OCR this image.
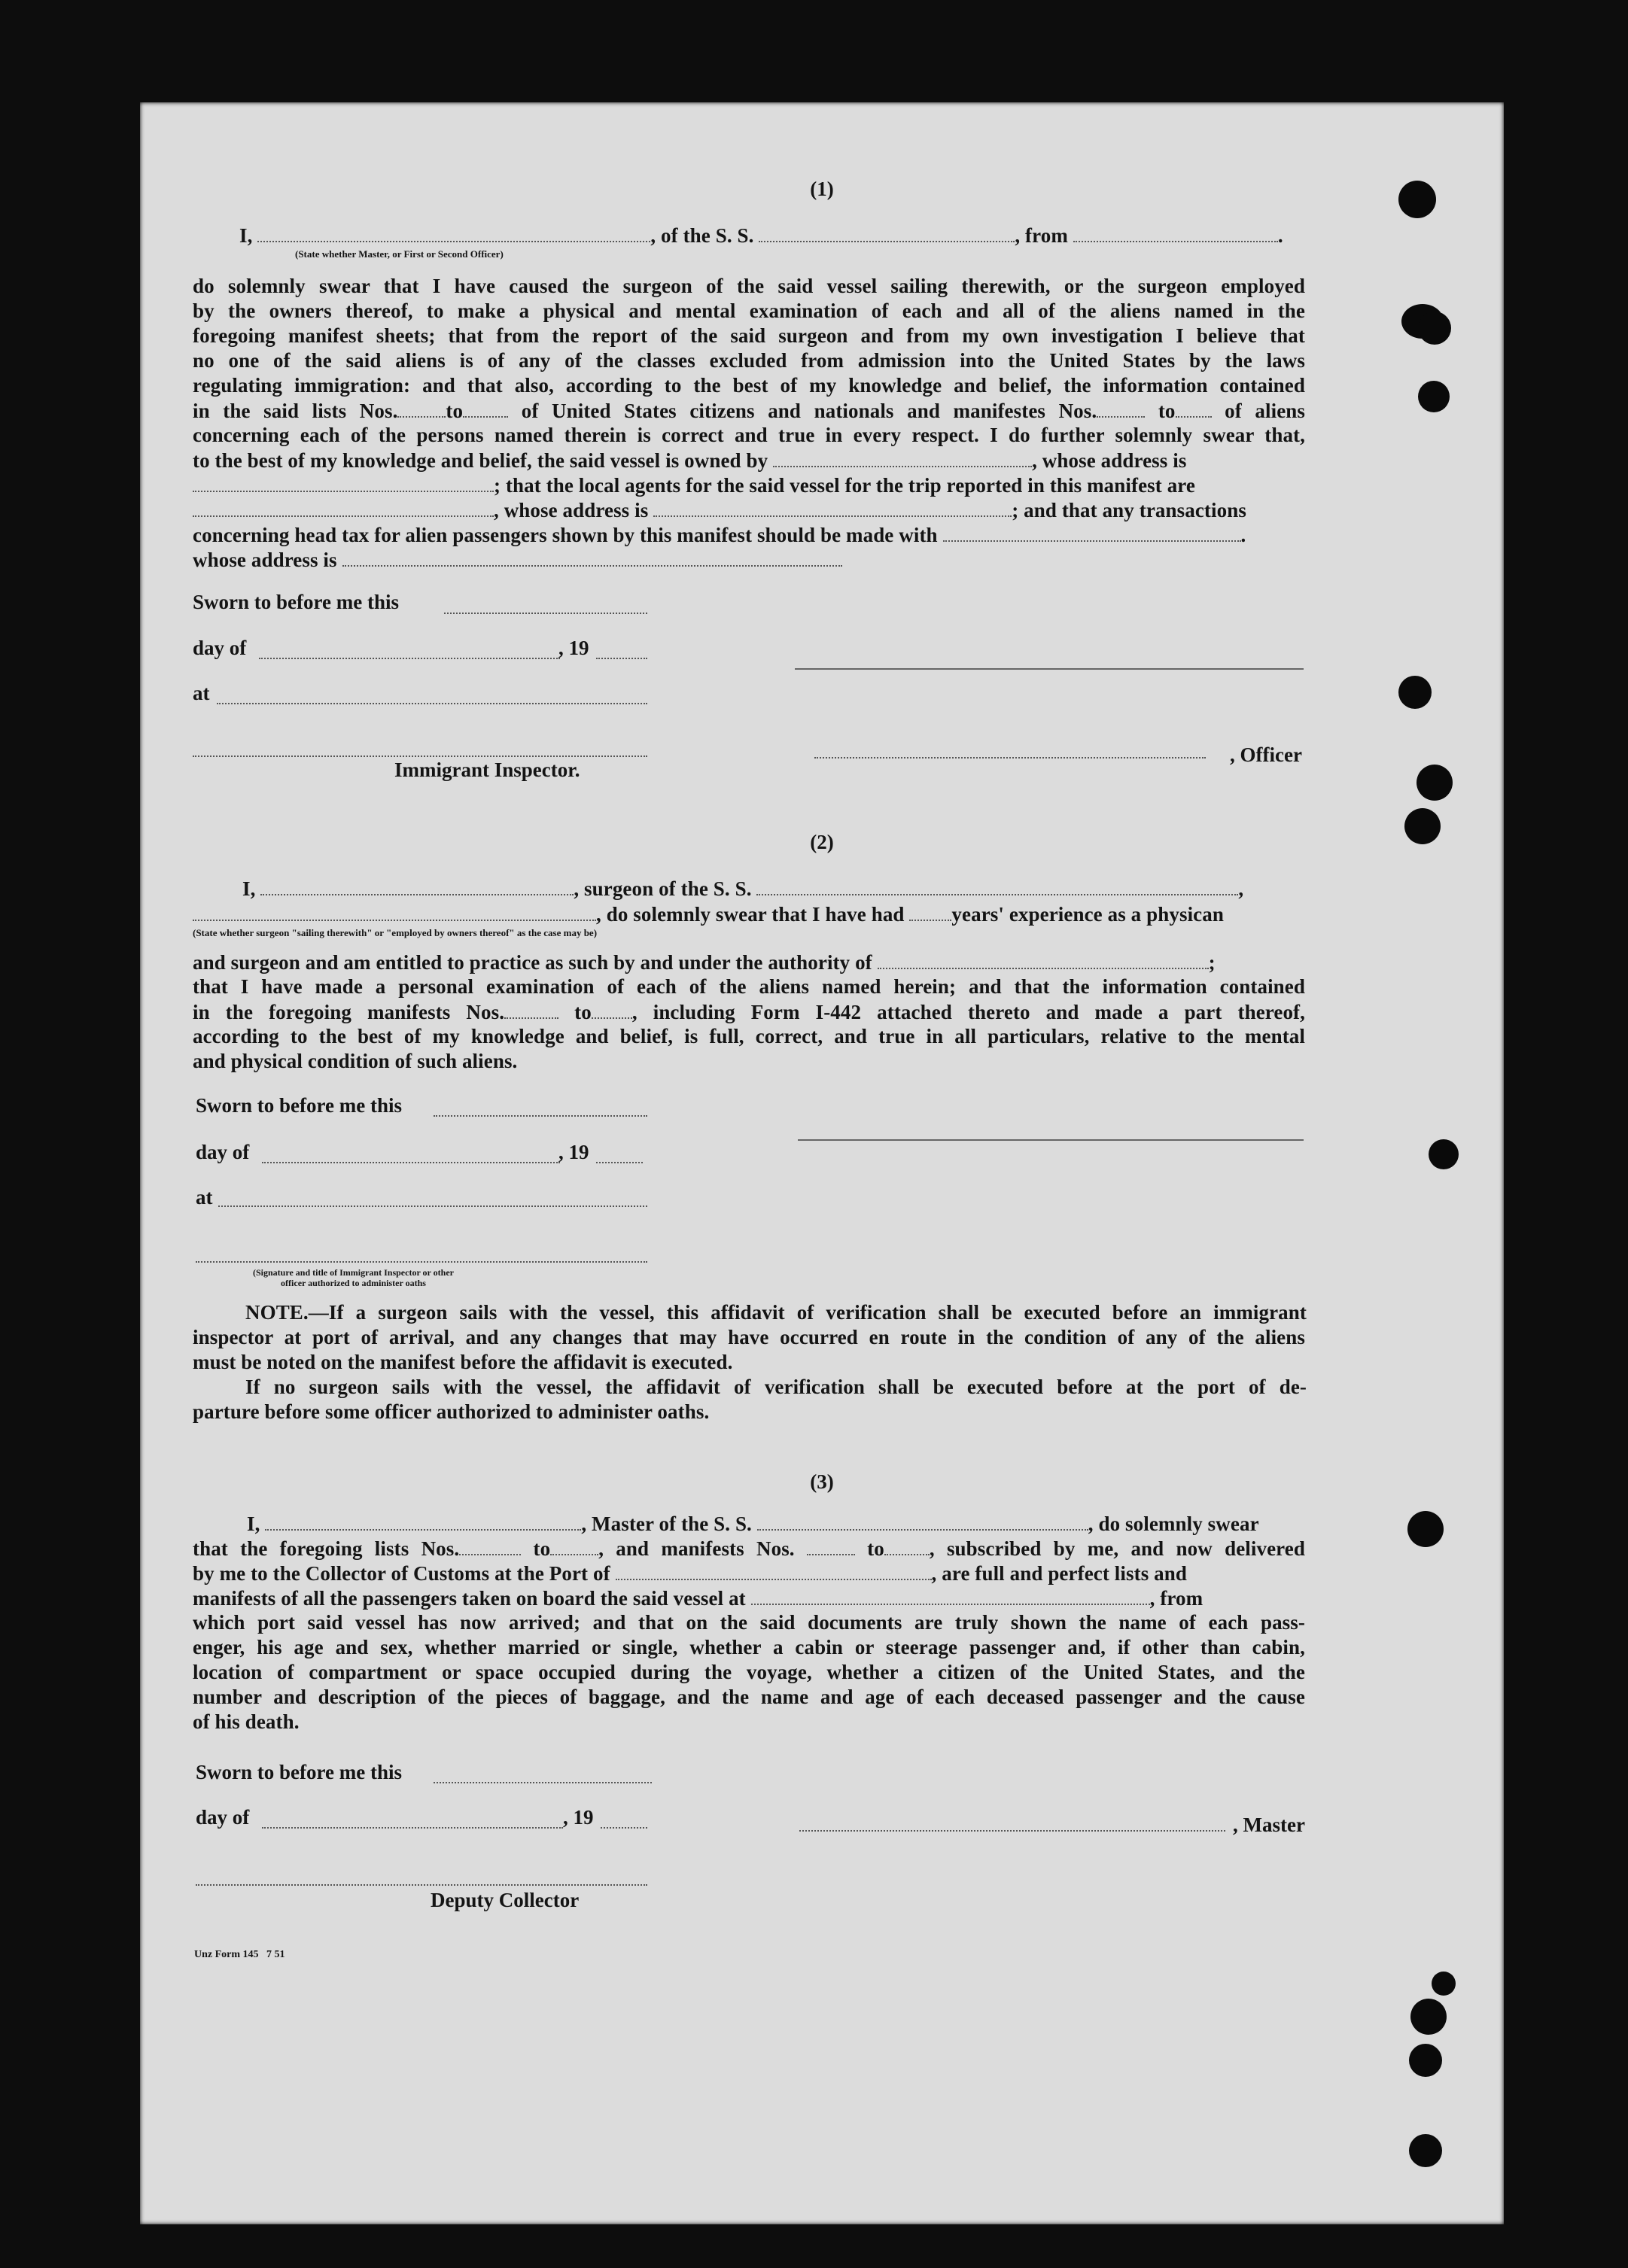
(1)
I,	, of the S. S.	, from	.
(State whether Master, or First or Second Officer)
do solemnly swear that I have caused the surgeon of the said vessel sailing therewith, or the surgeon employed
by the owners thereof, to make a physical and mental examination of each and all of the aliens named in the
foregoing manifest sheets; that from the report of the said surgeon and from my own investigation I believe that
no one of the said aliens is of any of the classes excluded from admission into the United States by the laws
regulating immigration: and that also, according to the best of my knowledge and belief, the information contained
in the said lists Nos. to	of United States citizens and nationals and manifestes Nos.	to of aliens
concerning each of the persons named therein is correct and true in every respect. I do further solemnly swear that,
to the best of my knowledge and belief, the said vessel is owned by	, whose address is
; that the local agents for the said vessel for the trip reported in this manifest are
, whose address is	; and that any transactions
concerning head tax for alien passengers shown by this manifest should be made with	.
whose address is
Sworn to before me this
day of	, 19
at
, Officer
Immigrant Inspector.
(2)
I,	, surgeon of the S. S.	,
, do solemnly swear that I have had years' experience as a physican
(State whether surgeon "sailing therewith" or "employed by owners thereof" as the case may be)
and surgeon and am entitled to practice as such by and under the authority of	;
that I have made a personal examination of each of the aliens named herein; and that the information contained
in the foregoing manifests Nos.	to , including Form I-442 attached thereto and made a part thereof,
according to the best of my knowledge and belief, is full, correct, and true in all particulars, relative to the mental
and physical condition of such aliens.
Sworn to before me this
day of	, 19
at
(Signature and title of Immigrant Inspector or other
officer authorized to administer oaths
NOTE.—If a surgeon sails with the vessel, this affidavit of verification shall be executed before an immigrant
inspector at port of arrival, and any changes that may have occurred en route in the condition of any of the aliens
must be noted on the manifest before the affidavit is executed.
If no surgeon sails with the vessel, the affidavit of verification shall be executed before at the port of de-
parture before some officer authorized to administer oaths.
(3)
I,	, Master of the S. S.	, do solemnly swear
that the foregoing lists Nos.	to , and manifests Nos.	to , subscribed by me, and now delivered
by me to the Collector of Customs at the Port of	, are full and perfect lists and
manifests of all the passengers taken on board the said vessel at	, from
which port said vessel has now arrived; and that on the said documents are truly shown the name of each pass-
enger, his age and sex, whether married or single, whether a cabin or steerage passenger and, if other than cabin,
location of compartment or space occupied during the voyage, whether a citizen of the United States, and the
number and description of the pieces of baggage, and the name and age of each deceased passenger and the cause
of his death.
Sworn to before me this
day of	, 19	, Master
Deputy Collector
Unz Form 145   7 51
